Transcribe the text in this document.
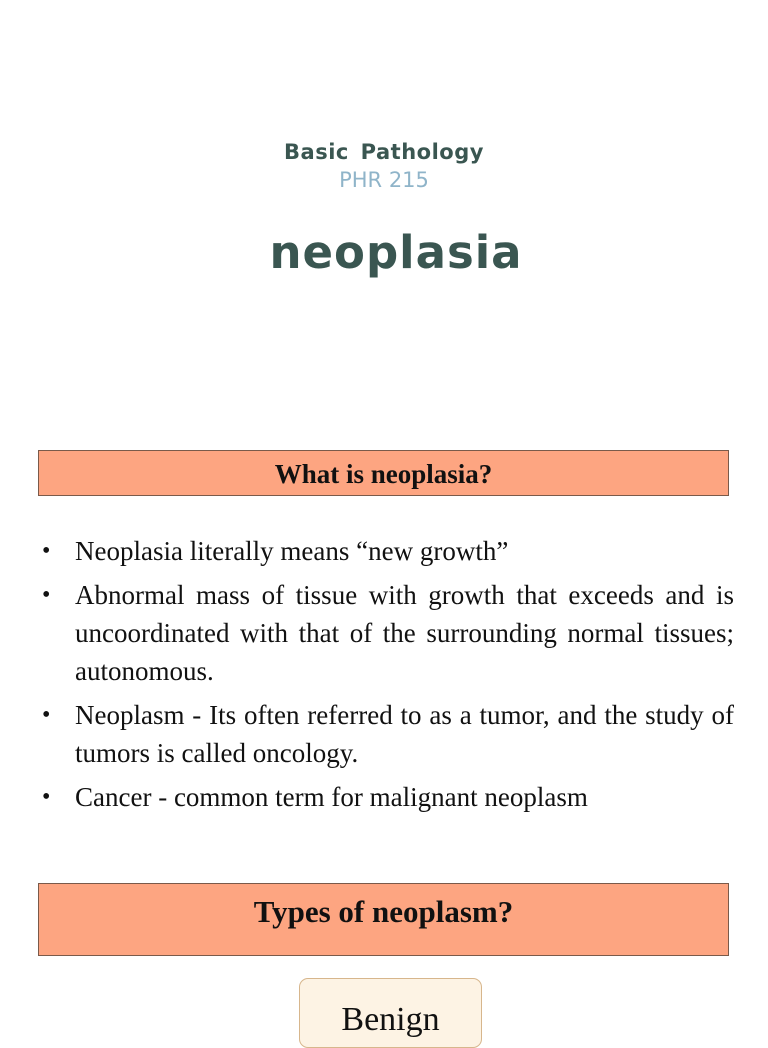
Basic Pathology
PHR 215
neoplasia
What is neoplasia?
• Neoplasia literally means “new growth”
• Abnormal mass of tissue with growth that exceeds and is uncoordinated with that of the surrounding normal tissues; autonomous.
• Neoplasm - Its often referred to as a tumor, and the study of tumors is called oncology.
• Cancer - common term for malignant neoplasm
Types of neoplasm?
Benign
